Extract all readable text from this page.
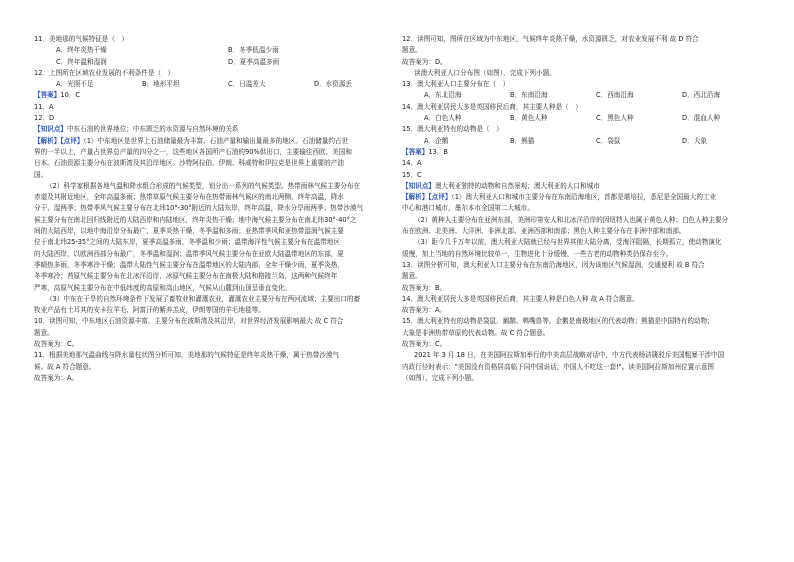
11．美地那的气候特征是（　）
A．终年炎热干燥	B．冬季低温少雨
C．终年温和湿润	D．夏季高温多雨
12．上图所在区域农业发展的不利条件是（　）
A．光照不足	B．地形平坦	C．日温差大	D．水资源丢
【答案】10．C
11．A
12．D
【知识点】中东石油的世界地位；中东匮乏的水资源与自然环境的关系
【解析】【点评】（1）中东地区是世界上石油储量最为丰富、石油产量和输出量最多的地区。石油储量约占世
界的一半以上，产量占世界总产量的四分之一，这些地区各国所产石油的90%供出口，主要输往西欧、美国和
日本。石油资源主要分布在波斯湾及其沿岸地区。沙特阿拉伯、伊朗、科威特和伊拉克是世界上重要的产油
国。
（2）科学家根据各地气温和降水组合形成的气候类型，划分出一系列的气候类型。热带雨林气候主要分布在
赤道及其附近地区，全年高温多雨；热带草原气候主要分布在热带雨林气候区的南北两侧，终年高温，降水
分干、湿两季；热带季风气候主要分布在北纬10°-30°附近的大陆东岸，终年高温，降水分旱雨两季；热带沙漠气
候主要分布在南北回归线附近的大陆西岸和内陆地区，终年炎热干燥；地中海气候主要分布在南北纬30°-40°之
间的大陆西岸，以地中海沿岸分布最广，夏季炎热干燥，冬季温和多雨；亚热带季风和亚热带湿润气候主要
位于南北纬25-35°之间的大陆东岸，夏季高温多雨，冬季温和少雨；温带海洋性气候主要分布在温带地区
的大陆西岸，以欧洲西部分布最广，冬季温和湿润；温带季风气候主要分布在亚欧大陆温带地区的东部，夏
季晴热多雨，冬季寒冷干燥；温带大陆性气候主要分布在温带地区的大陆内部，全年干燥少雨，夏季炎热，
冬季寒冷；苔原气候主要分布在北冰洋沿岸，冰原气候主要分布在南极大陆和格陵兰岛，这两种气候终年
严寒，高原气候主要分布在中低纬度的高原和高山地区，气候从山麓到山顶呈垂直变化。
（3）中东在干旱的自然环境条件下发展了畜牧业和灌溉农业，灌溉农业主要分布在两河流域；主要出口的畜
牧业产品有土耳其的安卡拉羊毛、阿富汗的紫养羔皮，伊朗等国的羊毛地毯等。
10．读图可知，中东地区石油资源丰富，主要分布在波斯湾及其沿岸，对世界经济发展影响最大 故 C 符合
题意。
故答案为：C。
11．根据美地那气温曲线与降水量柱状图分析可知，美地那的气候特征是终年炎热干燥，属于热带沙漠气
候。故 A 符合题意。
故答案为：A。
12．读图可知，图所在区域为中东地区，气候终年炎热干燥，水资源匮乏，对农业发展不利 故 D 符合
题意。
故答案为：D。
读澳大利亚人口分布图（如图），完成下列小题。
13．澳大利亚人口主要分布在（　）
A．东北沿海	B．东南沿海	C．西南沿海	D．西北沿海
14．澳大利亚居民大多是英国移民后裔，其主要人种是（　）
A．白色人种	B．黄色人种	C．黑色人种	D．混血人种
15．澳大利亚特有的动物是（　）
A．企鹅	B．熊猫	C．袋鼠	D．大象
【答案】13．B
14．A
15．C
【知识点】澳大利亚独特的动物和自然景观；澳大利亚的人口和城市
【解析】【点评】（1）澳大利亚人口和城市主要分布在东南沿海地区，首都是堪培拉，悉尼是全国最大的工业
中心和港口城市，墨尔本市全国第二大城市。
（2）黄种人主要分布在亚洲东部，美洲印第安人和北冰洋沿岸的因纽特人也属于黄色人种；白色人种主要分
布在欧洲、北美洲、大洋洲、非洲北部、亚洲西部和南部；黑色人种主要分布在非洲中部和南部。
（3）距今几千万年以前，澳大利亚大陆就已经与世界其他大陆分离，受海洋阻隔，长期孤立，使动物演化
缓慢，加上当地的自然环境比较单一，生物进化十分缓慢，一些古老的动物种类仍保存至今。
13．读图分析可知，澳大利亚人口主要分布在东南沿海地区，因为该地区气候湿润，交通便利 故 B 符合
题意。
故答案为：B。
14．澳大利亚居民大多是英国移民后裔，其主要人种是白色人种 故 A 符合题意。
故答案为：A。
15．澳大利亚特有的动物是袋鼠、鸸鹋、鸭嘴兽等。企鹅是南极地区的代表动物；熊猫是中国特有的动物；
大象是非洲热带草原的代表动物。故 C 符合题意。
故答案为：C。
2021 年 3 月 18 日，在美国阿拉斯加举行的中美高层战略对话中，中方代表杨洁篪驳斥美国粗暴干涉中国
内政行径时表示："美国没有资格居高临下同中国说话，中国人不吃这一套!"。读美国阿拉斯加州位置示意图
（如图），完成下列小题。
